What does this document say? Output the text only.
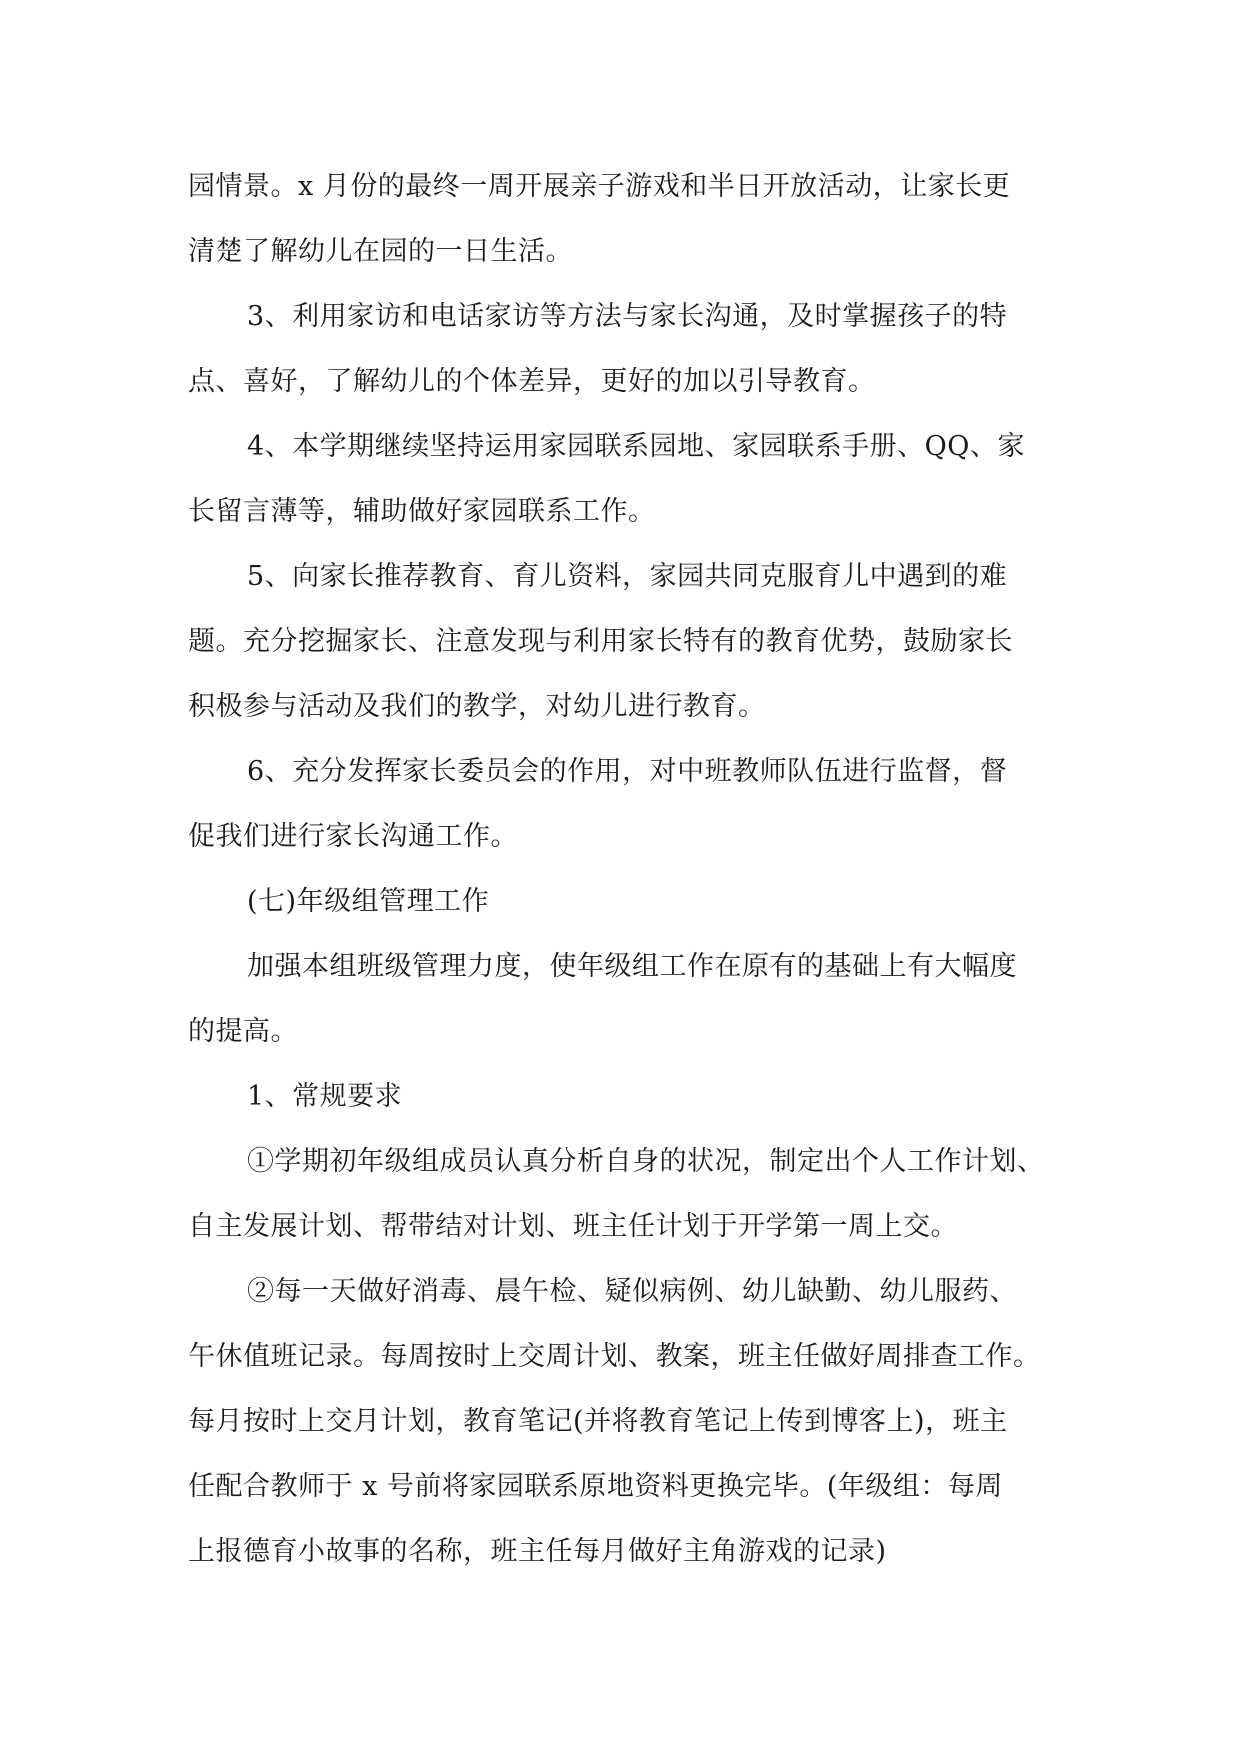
园情景。x 月份的最终一周开展亲子游戏和半日开放活动，让家长更
清楚了解幼儿在园的一日生活。
3、利用家访和电话家访等方法与家长沟通，及时掌握孩子的特
点、喜好，了解幼儿的个体差异，更好的加以引导教育。
4、本学期继续坚持运用家园联系园地、家园联系手册、QQ、家
长留言薄等，辅助做好家园联系工作。
5、向家长推荐教育、育儿资料，家园共同克服育儿中遇到的难
题。充分挖掘家长、注意发现与利用家长特有的教育优势，鼓励家长
积极参与活动及我们的教学，对幼儿进行教育。
6、充分发挥家长委员会的作用，对中班教师队伍进行监督，督
促我们进行家长沟通工作。
(七)年级组管理工作
加强本组班级管理力度，使年级组工作在原有的基础上有大幅度
的提高。
1、常规要求
①学期初年级组成员认真分析自身的状况，制定出个人工作计划、
自主发展计划、帮带结对计划、班主任计划于开学第一周上交。
②每一天做好消毒、晨午检、疑似病例、幼儿缺勤、幼儿服药、
午休值班记录。每周按时上交周计划、教案，班主任做好周排查工作。
每月按时上交月计划，教育笔记(并将教育笔记上传到博客上)，班主
任配合教师于 x 号前将家园联系原地资料更换完毕。(年级组：每周
上报德育小故事的名称，班主任每月做好主角游戏的记录)
